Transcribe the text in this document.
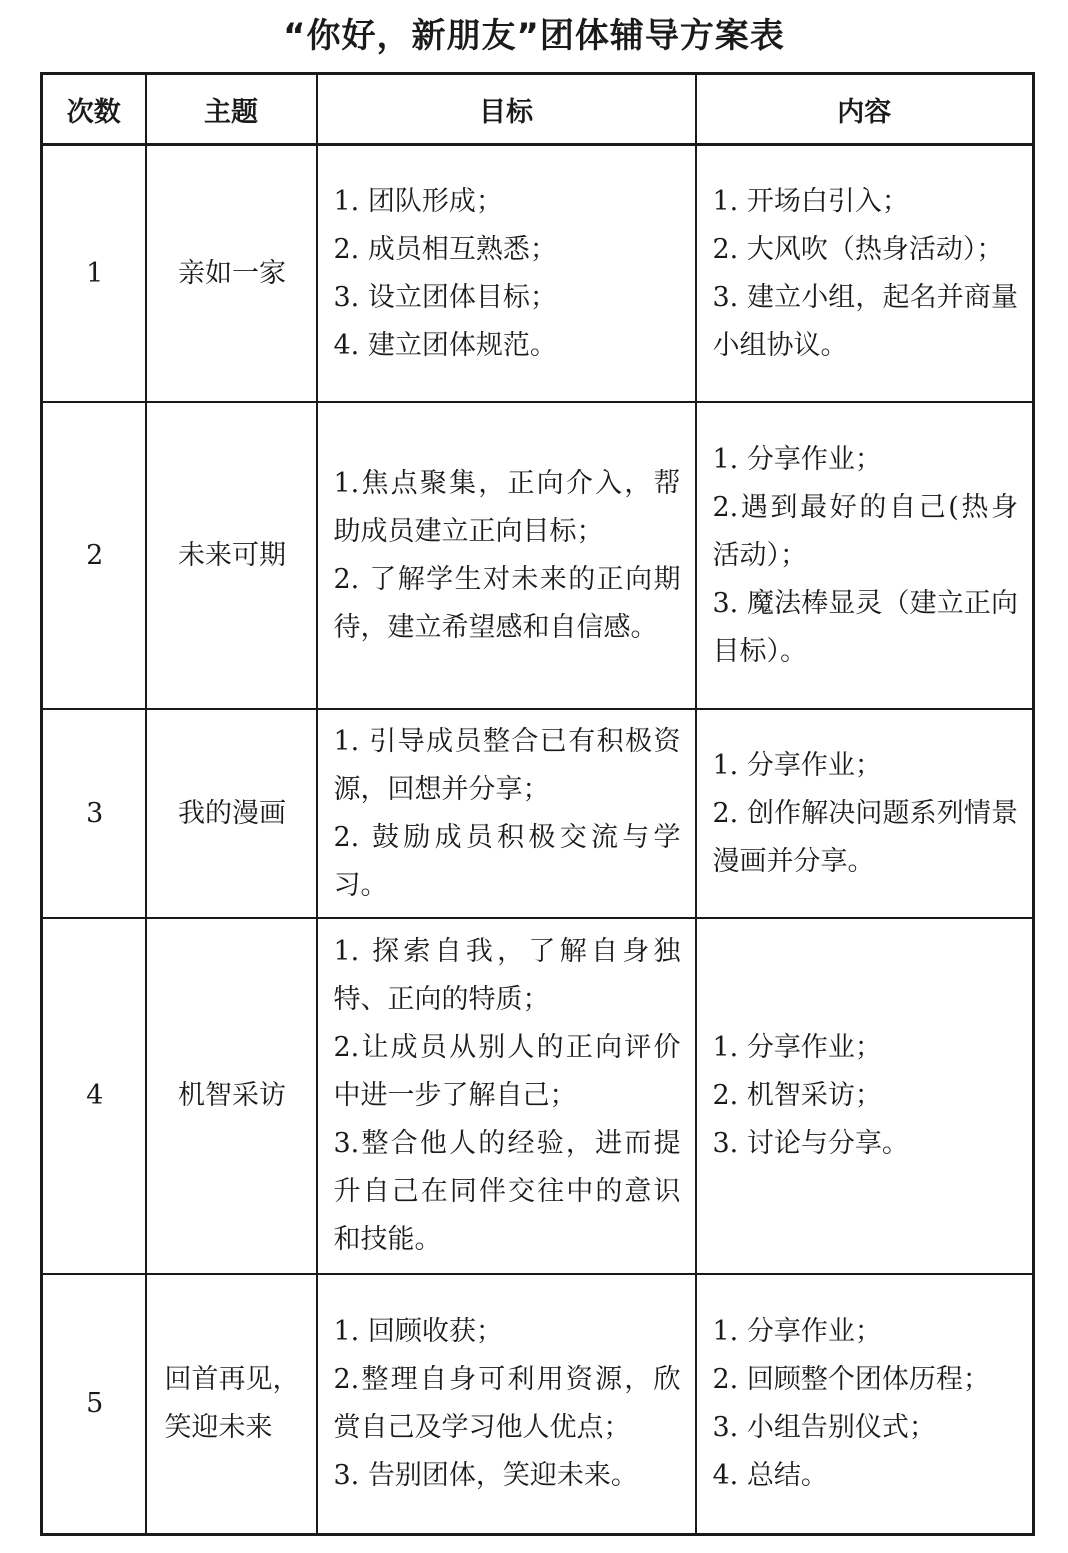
“你好，新朋友”团体辅导方案表
次数	主题	目标	内容
1	亲如一家	1. 团队形成；
2. 成员相互熟悉；
3. 设立团体目标；
4. 建立团体规范。	1. 开场白引入；
2. 大风吹（热身活动）；
3. 建立小组，起名并商量小组协议。

2	未来可期	1.焦点聚集，正向介入，帮助成员建立正向目标；
2. 了解学生对未来的正向期待，建立希望感和自信感。	1. 分享作业；
2.遇到最好的自己(热身活动）；
3. 魔法棒显灵（建立正向目标）。

3	我的漫画	1. 引导成员整合已有积极资源，回想并分享；
2. 鼓励成员积极交流与学习。	1. 分享作业；
2. 创作解决问题系列情景漫画并分享。

4	机智采访	1. 探索自我，了解自身独特、正向的特质；
2.让成员从别人的正向评价中进一步了解自己；
3.整合他人的经验，进而提升自己在同伴交往中的意识和技能。	1. 分享作业；
2. 机智采访；
3. 讨论与分享。

5	回首再见，笑迎未来	1. 回顾收获；
2.整理自身可利用资源，欣赏自己及学习他人优点；
3. 告别团体，笑迎未来。	1. 分享作业；
2. 回顾整个团体历程；
3. 小组告别仪式；
4. 总结。
